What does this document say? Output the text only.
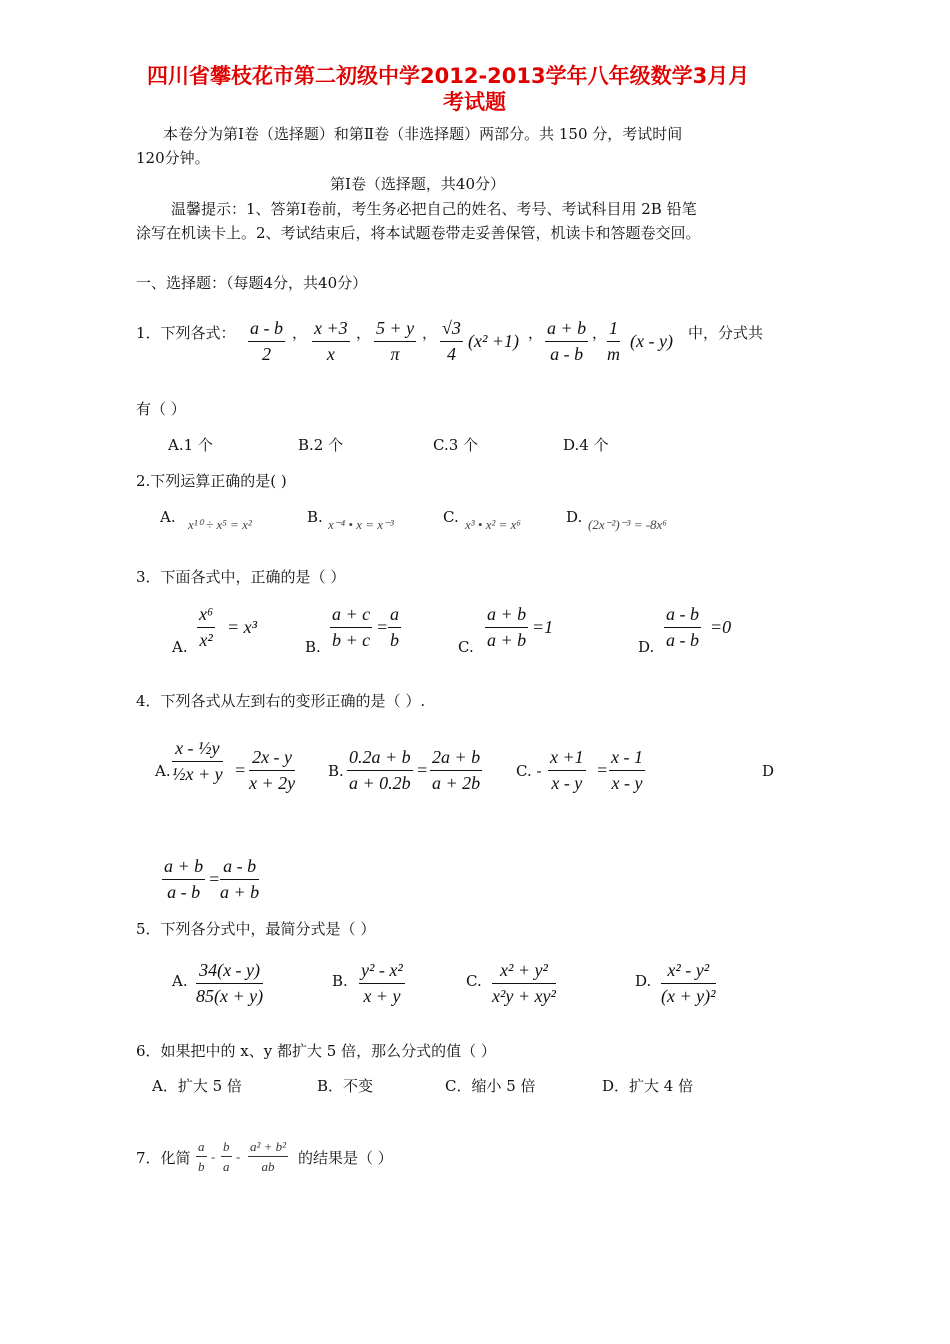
四川省攀枝花市第二初级中学2012-2013学年八年级数学3月月
考试题
本卷分为第Ⅰ卷（选择题）和第Ⅱ卷（非选择题）两部分。共 150 分，考试时间
120分钟。
第Ⅰ卷（选择题，共40分）
温馨提示：1、答第Ⅰ卷前，考生务必把自己的姓名、考号、考试科目用 2B 铅笔
涂写在机读卡上。2、考试结束后，将本试题卷带走妥善保管，机读卡和答题卷交回。
一、选择题：（每题4分，共40分）
1．下列各式： $\frac{a - b}{2}$ ， $\frac{x +3}{x}$ ， $\frac{5 + y}{\pi}$ ， $\frac{√3}{4} (x^2 +1)$ ， $\frac{a + b}{a - b}$ ， $\frac{1}{m} (x - y)$ 中，分式共
有（ ）
A.1 个	B.2 个	C.3 个	D.4 个
2.下列运算正确的是( )
A. x¹⁰ ÷ x⁵ = x²	B. x⁻⁴ • x = x⁻³	C. x³ • x² = x⁶	D. (2x⁻²)⁻³ = -8x⁶
3．下面各式中，正确的是（ ）
A. $\frac{\text{x⁶}}{\text{x²}} = x^3$
B. $\frac{a + c}{b + c} = \frac{a}{b}$	C. $\frac{a + b}{a + b} =1$
D. $\frac{a - b}{a - b} =0$
4．下列各式从左到右的变形正确的是（ ）.
A. $\frac{\text{x - ½y}}{\text{½x + y}} = \frac{2x - y}{x + 2y} B$. $\frac{0.2a + b}{a + 0.2b} = \frac{2a + b}{a + 2b} C$. - $\frac{x +1}{x - y} = \frac{x - 1}{x - y}$	D
$\frac{a + b}{a - b} = \frac{a - b}{a + b}$
5．下列各分式中，最简分式是（ ）
A. $\frac{34(x - y)}{85(x + y)}$	B. $\frac{\text{y² - x²}}{x + y}$	C. $\frac{\text{x² + y²}}{\text{x²y + xy²}}$	D. $\frac{\text{x² - y²}}{\text{(x + y)²}}$
6．如果把中的 x、y 都扩大 5 倍，那么分式的值（ ）
A．扩大 5 倍	B．不变	C．缩小 5 倍	D．扩大 4 倍
7．化简 $\frac{a}{b} - \frac{b}{a} - \frac{\text{a² + b²}}{ab}$ 的结果是（ ）
